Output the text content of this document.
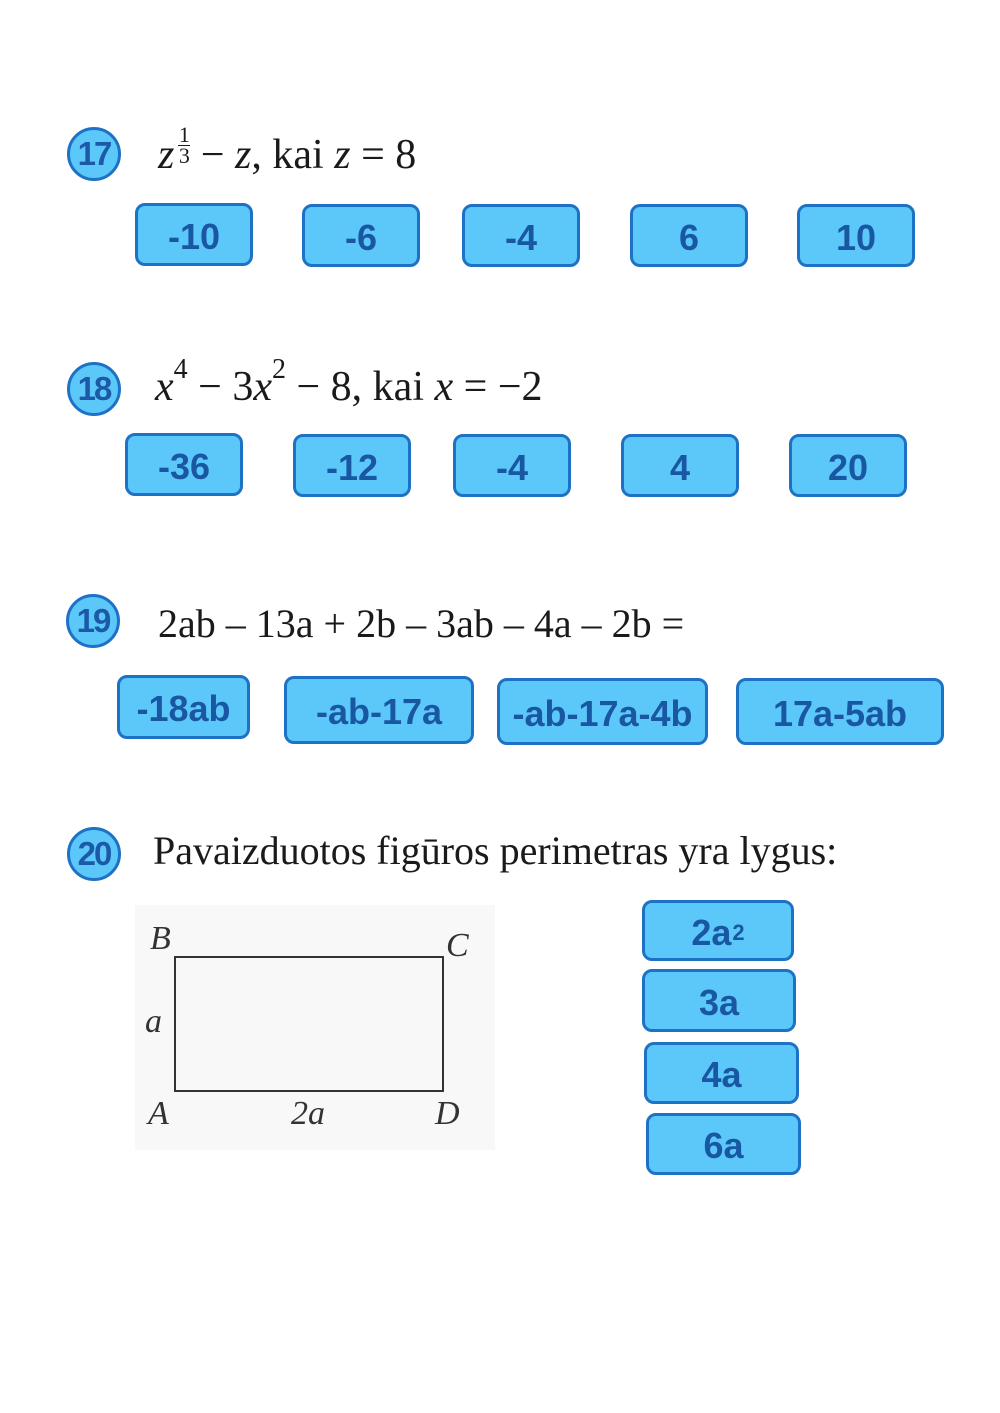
17 z $\frac{1}{3} - z$, kai z = 8
-10	-6	-4	6	10
18 $x^4 - 3x^2 - 8$, kai x = −2
-36	-12	-4	4	20
19 2ab – 13a + 2b – 3ab – 4a – 2b =
-18ab	-ab-17a	-ab-17a-4b	17a-5ab
20 Pavaizduotos figūros perimetras yra lygus:
B	C
A	D
a
2a
2a 2
3a
4a
6a
